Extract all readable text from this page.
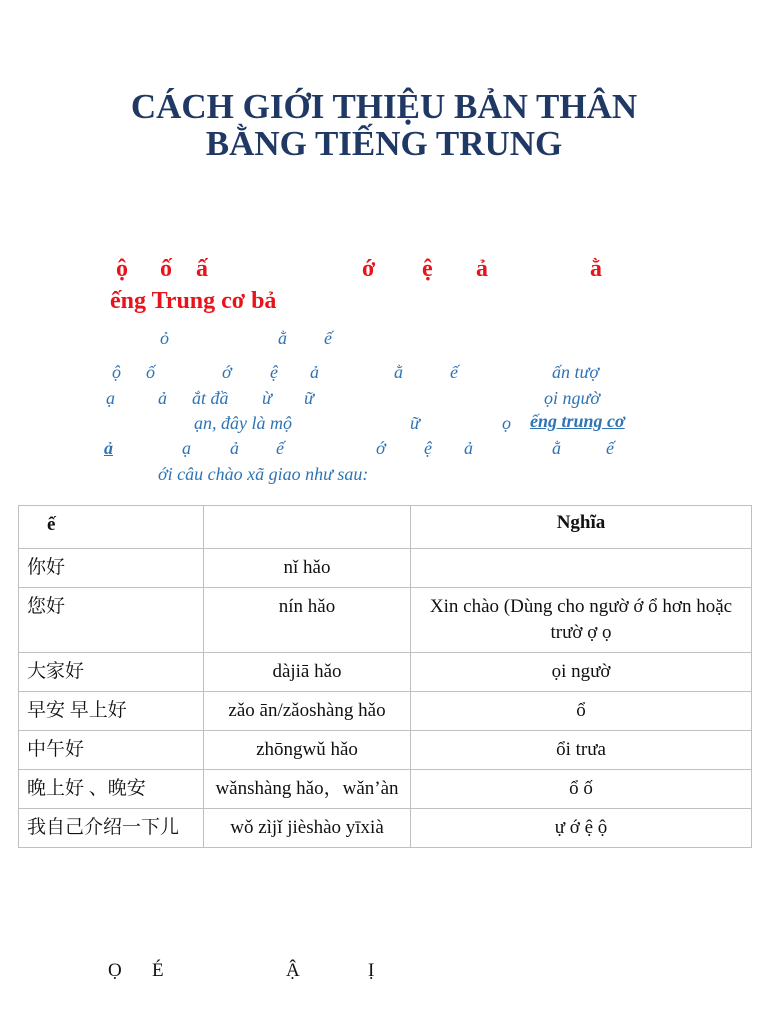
CÁCH GIỚI THIỆU BẢN THÂN
BẰNG TIẾNG TRUNG
ộ ố ấ	ớ ệ ả	ằ
ếng Trung cơ bả
ỏ	ằ ế
ộ ố	ớ ệ ả	ằ	ế	ấn tượ
ạ ả ắt đầ ừ ữ	ọi ngườ
ạn, đây là mộ	ữ	ọ ếng trung cơ
ả	ạ ả ế	ớ ệ ả	ằ	ế
ới câu chào xã giao như sau:
ế		Nghĩa
你好	nǐ hǎo	
您好	nín hǎo	Xin chào (Dùng cho ngườ ớ ổ hơn hoặc trườ ợ ọ
大家好	dàjiā hǎo	ọi ngườ
早安 早上好	zǎo ān/zǎoshàng hǎo	ổ
中午好	zhōngwǔ hǎo	ổi trưa
晚上好 、晚安	wǎnshàng hǎo，wǎn’àn	ổ ố
我自己介绍一下儿	wǒ zìjǐ jièshào yīxià	ự ớ ệ ộ
Ọ É	Ậ	Ị
